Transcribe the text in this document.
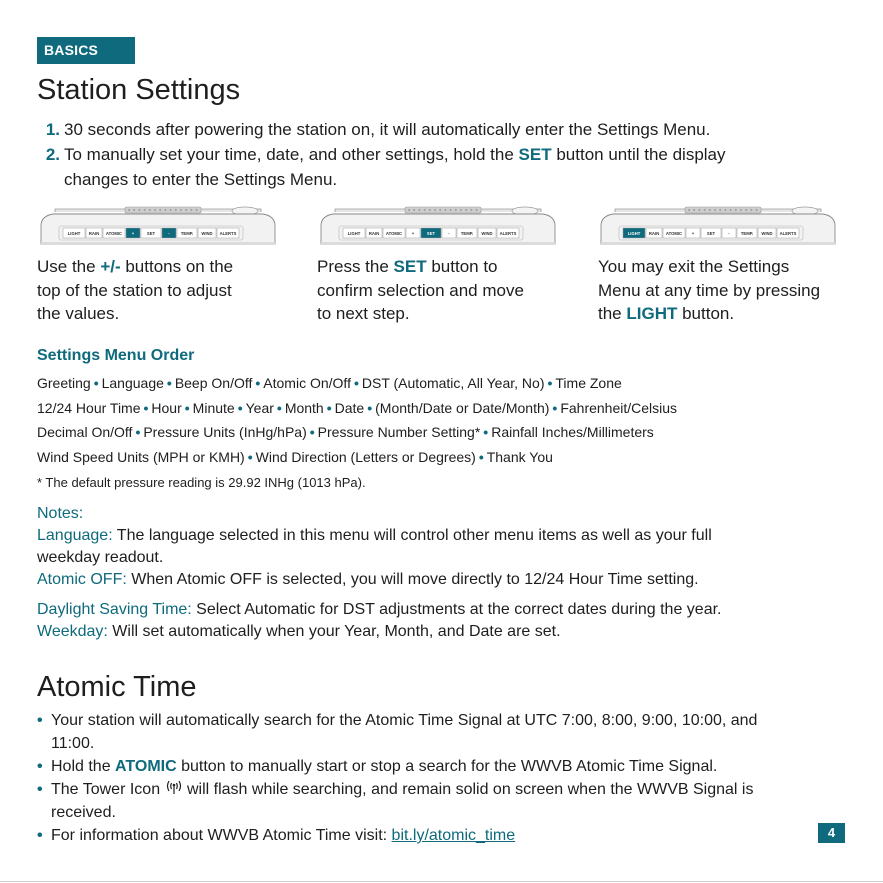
BASICS
Station Settings
1. 30 seconds after powering the station on, it will automatically enter the Settings Menu.
2. To manually set your time, date, and other settings, hold the SET button until the display
changes to enter the Settings Menu.
LIGHT RAIN ATOMIC +	SET	-	TEMP. WIND ALERTS	LIGHT RAIN ATOMIC +	SET	-	TEMP. WIND ALERTS	LIGHT RAIN ATOMIC +	SET	-	TEMP. WIND ALERTS
Use the +/- buttons on the
top of the station to adjust
the values.
Press the SET button to
confirm selection and move
to next step.
You may exit the Settings
Menu at any time by pressing
the LIGHT button.
Settings Menu Order
Greeting • Language • Beep On/Off • Atomic On/Off • DST (Automatic, All Year, No) • Time Zone
12/24 Hour Time • Hour • Minute • Year • Month • Date • (Month/Date or Date/Month) • Fahrenheit/Celsius
Decimal On/Off • Pressure Units (InHg/hPa) • Pressure Number Setting* • Rainfall Inches/Millimeters
Wind Speed Units (MPH or KMH) • Wind Direction (Letters or Degrees) • Thank You
* The default pressure reading is 29.92 INHg (1013 hPa).

Notes:

Language: The language selected in this menu will control other menu items as well as your full
weekday readout.

Atomic OFF: When Atomic OFF is selected, you will move directly to 12/24 Hour Time setting.

Daylight Saving Time: Select Automatic for DST adjustments at the correct dates during the year.

Weekday: Will set automatically when your Year, Month, and Date are set.

Atomic Time
• Your station will automatically search for the Atomic Time Signal at UTC 7:00, 8:00, 9:00, 10:00, and
11:00.
• Hold the ATOMIC button to manually start or stop a search for the WWVB Atomic Time Signal.
• The Tower Icon  will flash while searching, and remain solid on screen when the WWVB Signal is
received.
• For information about WWVB Atomic Time visit: bit.ly/atomic_time	4
